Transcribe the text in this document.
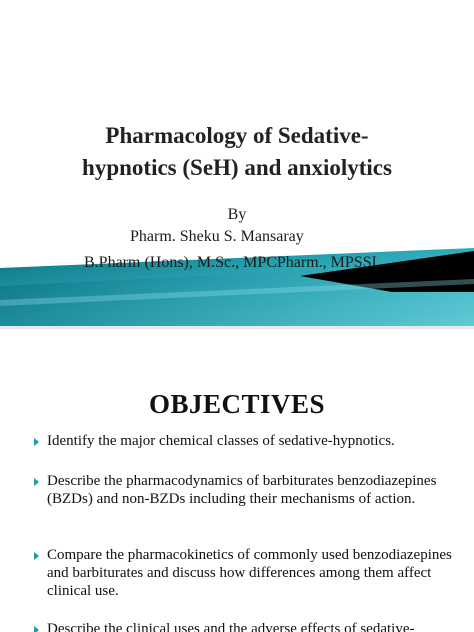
Pharmacology of Sedative-
hypnotics (SeH) and anxiolytics
By
Pharm. Sheku S. Mansaray
B.Pharm (Hons), M.Sc., MPCPharm., MPSSL
OBJECTIVES
Identify the major chemical classes of sedative-hypnotics.
Describe the pharmacodynamics of barbiturates benzodiazepines (BZDs) and non-BZDs including their mechanisms of action.
Compare the pharmacokinetics of commonly used benzodiazepines and barbiturates and discuss how differences among them affect clinical use.
Describe the clinical uses and the adverse effects of sedative-
